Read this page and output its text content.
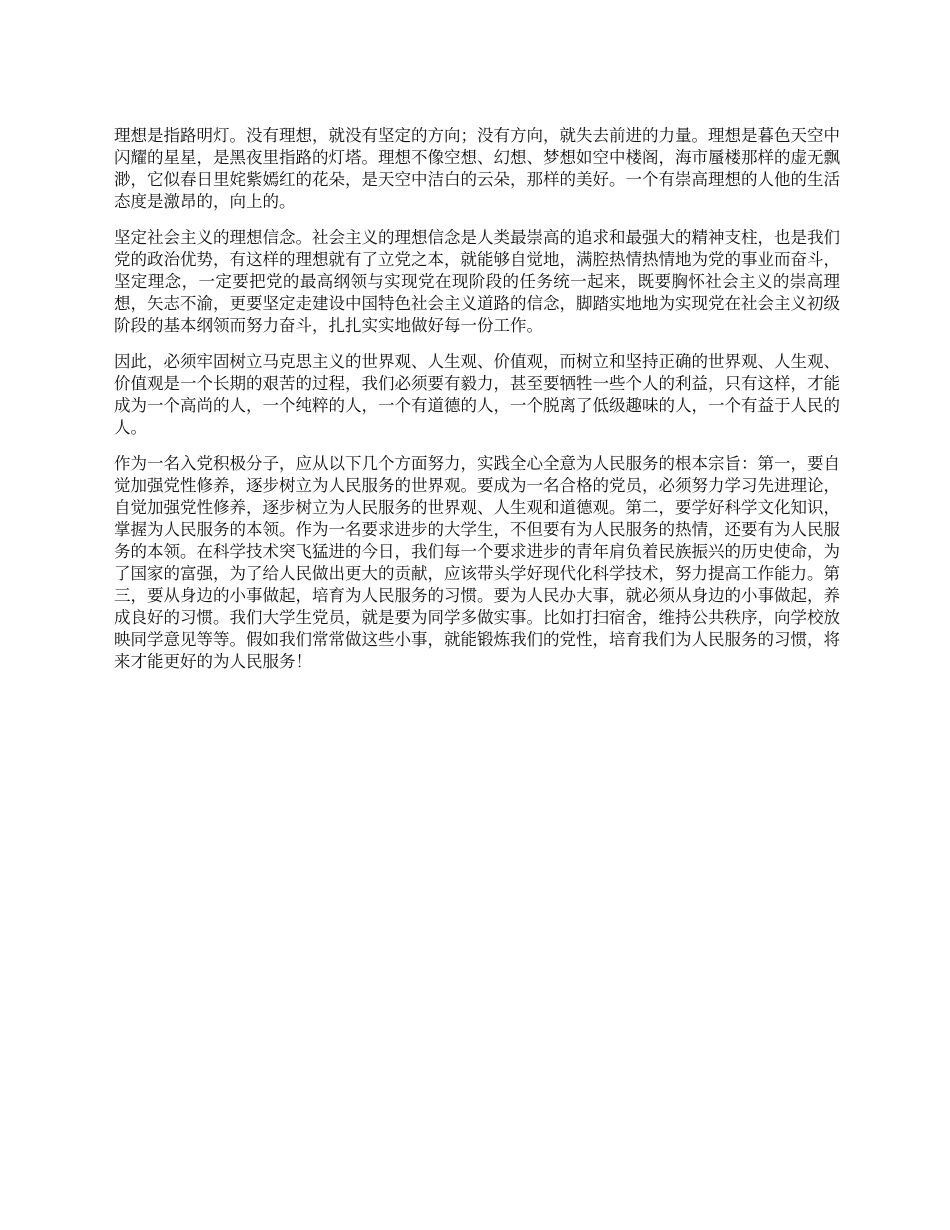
理想是指路明灯。没有理想，就没有坚定的方向；没有方向，就失去前进的力量。理想是暮色天空中闪耀的星星，是黑夜里指路的灯塔。理想不像空想、幻想、梦想如空中楼阁，海市蜃楼那样的虚无飘渺，它似春日里姹紫嫣红的花朵，是天空中洁白的云朵，那样的美好。一个有崇高理想的人他的生活态度是激昂的，向上的。

坚定社会主义的理想信念。社会主义的理想信念是人类最崇高的追求和最强大的精神支柱，也是我们党的政治优势，有这样的理想就有了立党之本，就能够自觉地，满腔热情热情地为党的事业而奋斗，坚定理念，一定要把党的最高纲领与实现党在现阶段的任务统一起来，既要胸怀社会主义的崇高理想，矢志不渝，更要坚定走建设中国特色社会主义道路的信念，脚踏实地地为实现党在社会主义初级阶段的基本纲领而努力奋斗，扎扎实实地做好每一份工作。

因此，必须牢固树立马克思主义的世界观、人生观、价值观，而树立和坚持正确的世界观、人生观、价值观是一个长期的艰苦的过程，我们必须要有毅力，甚至要牺牲一些个人的利益，只有这样，才能成为一个高尚的人，一个纯粹的人，一个有道德的人，一个脱离了低级趣味的人，一个有益于人民的人。

作为一名入党积极分子，应从以下几个方面努力，实践全心全意为人民服务的根本宗旨：第一，要自觉加强党性修养，逐步树立为人民服务的世界观。要成为一名合格的党员，必须努力学习先进理论，自觉加强党性修养，逐步树立为人民服务的世界观、人生观和道德观。第二，要学好科学文化知识，掌握为人民服务的本领。作为一名要求进步的大学生，不但要有为人民服务的热情，还要有为人民服务的本领。在科学技术突飞猛进的今日，我们每一个要求进步的青年肩负着民族振兴的历史使命，为了国家的富强，为了给人民做出更大的贡献，应该带头学好现代化科学技术，努力提高工作能力。第三，要从身边的小事做起，培育为人民服务的习惯。要为人民办大事，就必须从身边的小事做起，养成良好的习惯。我们大学生党员，就是要为同学多做实事。比如打扫宿舍，维持公共秩序，向学校放映同学意见等等。假如我们常常做这些小事，就能锻炼我们的党性，培育我们为人民服务的习惯，将来才能更好的为人民服务！
